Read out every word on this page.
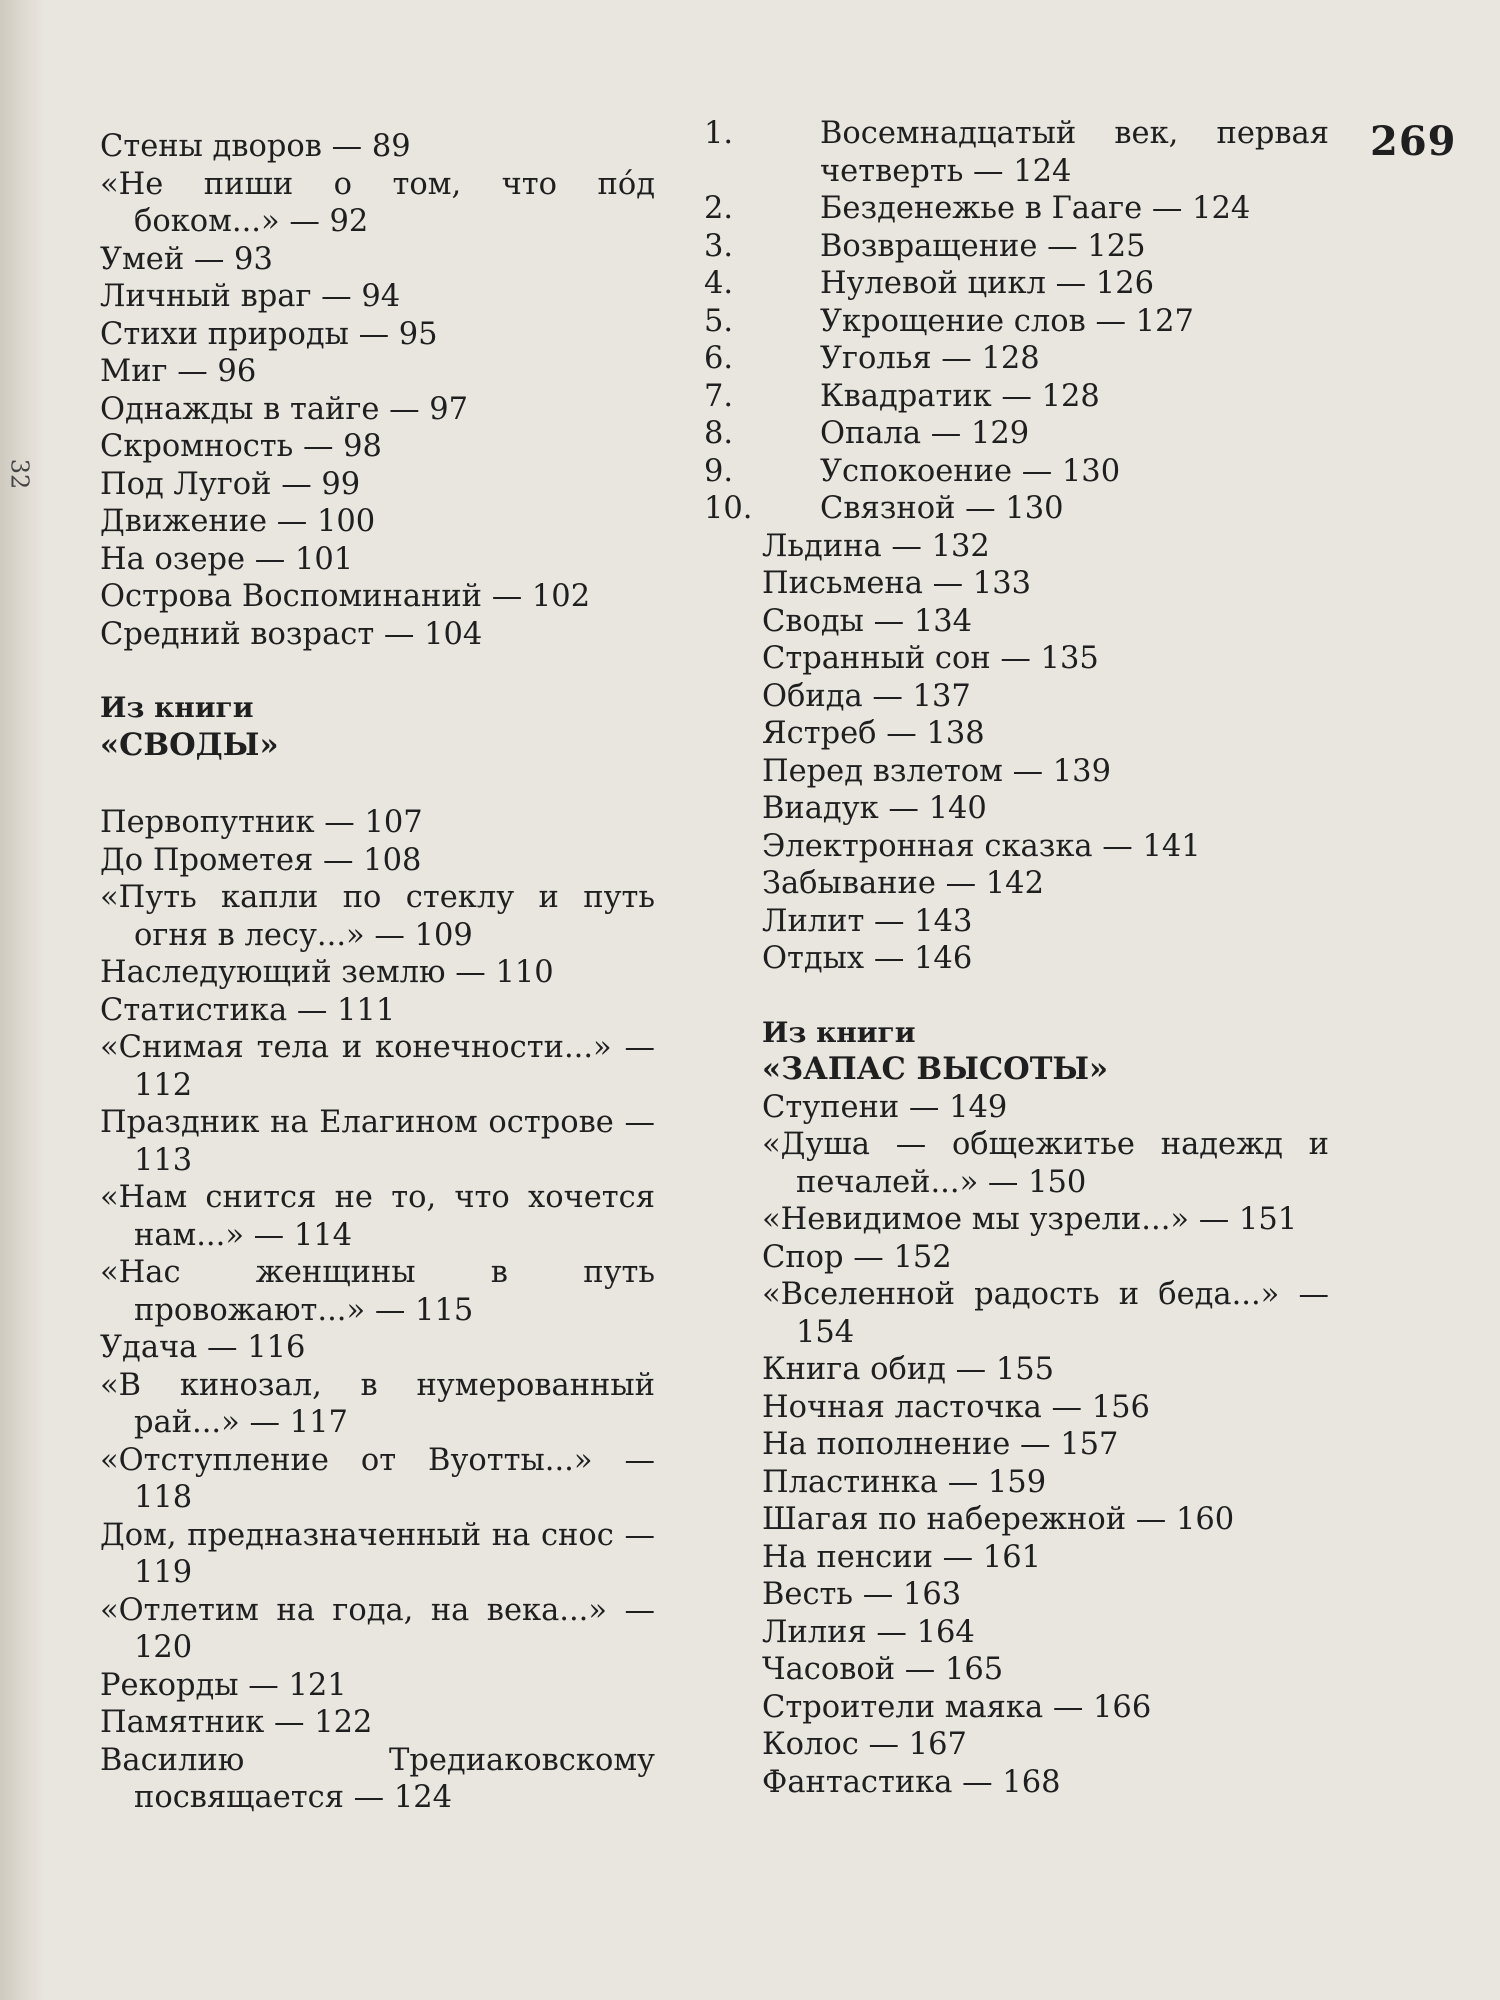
32
269

Стены дворов — 89

«Не пиши о том, что по́д боком...» — 92

Умей — 93

Личный враг — 94

Стихи природы — 95

Миг — 96

Однажды в тайге — 97

Скромность — 98

Под Лугой — 99

Движение — 100

На озере — 101

Острова Воспоминаний — 102

Средний возраст — 104

Из книги

«СВОДЫ»

Первопутник — 107

До Прометея — 108

«Путь капли по стеклу и путь огня в лесу...» — 109

Наследующий землю — 110

Статистика — 111

«Снимая тела и конечности...» — 112

Праздник на Елагином острове — 113

«Нам снится не то, что хочется нам...» — 114

«Нас женщины в путь провожают...» — 115

Удача — 116

«В кинозал, в нумерованный рай...» — 117

«Отступление от Вуотты...» — 118

Дом, предназначенный на снос — 119

«Отлетим на года, на века...» — 120

Рекорды — 121

Памятник — 122

Василию Тредиаковскому посвящается — 124

1.	Восемнадцатый век, первая четверть — 124

2.	Безденежье в Гааге — 124

3.	Возвращение — 125

4.	Нулевой цикл — 126

5.	Укрощение слов — 127

6.	Уголья — 128

7.	Квадратик — 128

8.	Опала — 129

9.	Успокоение — 130

10. Связной — 130

Льдина — 132

Письмена — 133

Своды — 134

Странный сон — 135

Обида — 137

Ястреб — 138

Перед взлетом — 139

Виадук — 140

Электронная сказка — 141

Забывание — 142

Лилит — 143

Отдых — 146

Из книги

«ЗАПАС ВЫСОТЫ»

Ступени — 149

«Душа — общежитье надежд и печалей...» — 150

«Невидимое мы узрели...» — 151

Спор — 152

«Вселенной радость и беда...» — 154

Книга обид — 155

Ночная ласточка — 156

На пополнение — 157

Пластинка — 159

Шагая по набережной — 160

На пенсии — 161

Весть — 163

Лилия — 164

Часовой — 165

Строители маяка — 166

Колос — 167

Фантастика — 168
